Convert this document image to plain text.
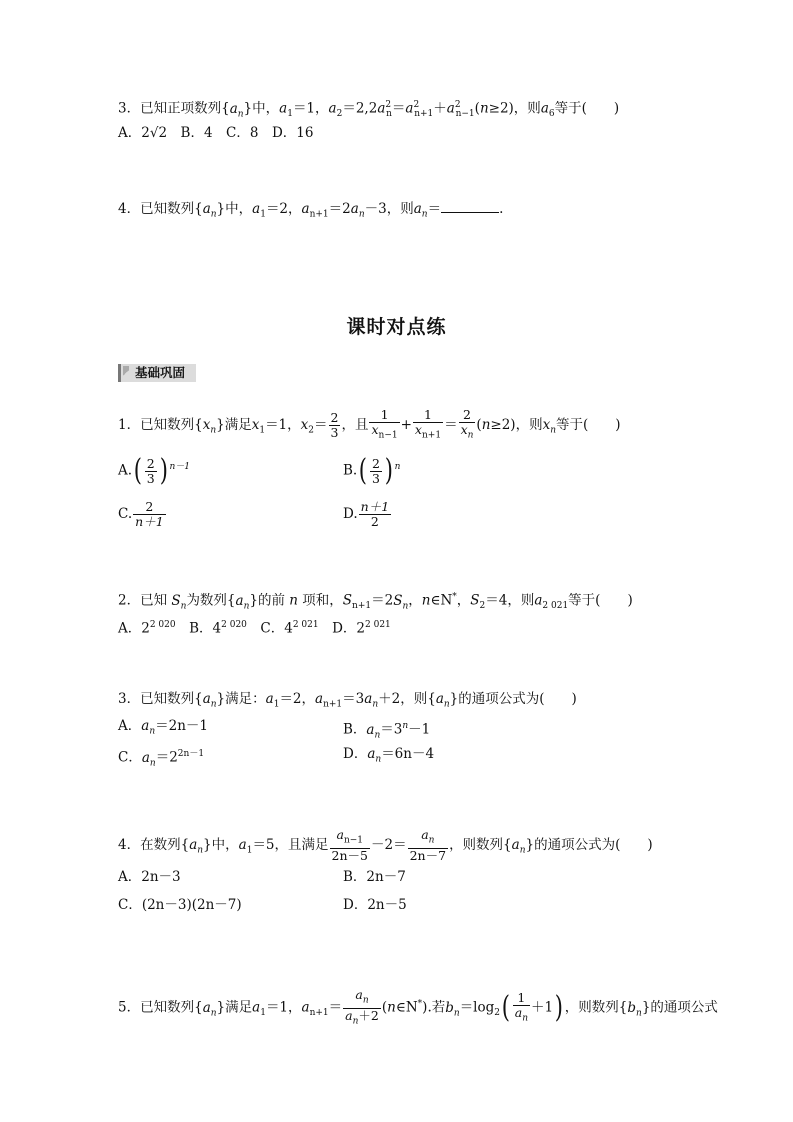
3．已知正项数列$\{a_n\}$中，$a_1=1$，$a_2=2,2a^2_n=a^2_{n+1}+a^2_{n-1}(n\ge 2)$，则$a_6$等于(　　)
A．2√2　B．4　C．8　D．16
4．已知数列$\{a_n\}$中，$a_1=2$，$a_{n+1}=2a_n-3$，则$a_n=$	.
课时对点练
基础巩固
1．已知数列$\{x_n\}$满足$x_1=1$，$x_2= \frac{2}{3}$ ，且 $\frac{1}{x_{n-1}} + \frac{1}{x_{n+1}} = \frac{2}{x_n} (n\ge 2)$，则$x_n$等于(　　)
$A.( \frac{2}{3}$ ) $^{n-1}$	$B.( \frac{2}{3}$ ) $^n$
C. $\frac{2}{n+1}$	D. $\frac{n+1}{2}$
2．已知 $S_n$为数列$\{a_n\}$的前 n 项和，$S_{n+1}=2S_n$，n∈N*，$S_2=4$，则$a_{2 021}$等于(　　)
A．$2^{2 020}$　B．$4^{2 020}$　C．$4^{2 021}$　D．$2^{2 021}$
3．已知数列$\{a_n\}$满足：$a_1=2$，$a_{n+1}=3a_n+2$，则$\{a_n\}$的通项公式为(　　)
A．$a_n=2n-1$	B．$a_n=3^n-1$
C．$a_n=2^{2n-1}$	D．$a_n=6n-4$
4．在数列$\{a_n\}$中，$a_1=5$，且满足 $\frac{a_{n-1}}{2n-5} -2= \frac{a_n}{2n-7}$ ，则数列$\{a_n\}$的通项公式为(　　)
A．2n－3	B．2n－7
C．(2n－3)(2n－7)	D．2n－5
5．已知数列$\{a_n\}$满足$a_1=1$，$a_{n+1}= \frac{a_n}{a_n+2}$ (n∈N*).若$b_n=\log_2( \frac{1}{a_n} +1)$ ，则数列$\{b_n\}$的通项公式
